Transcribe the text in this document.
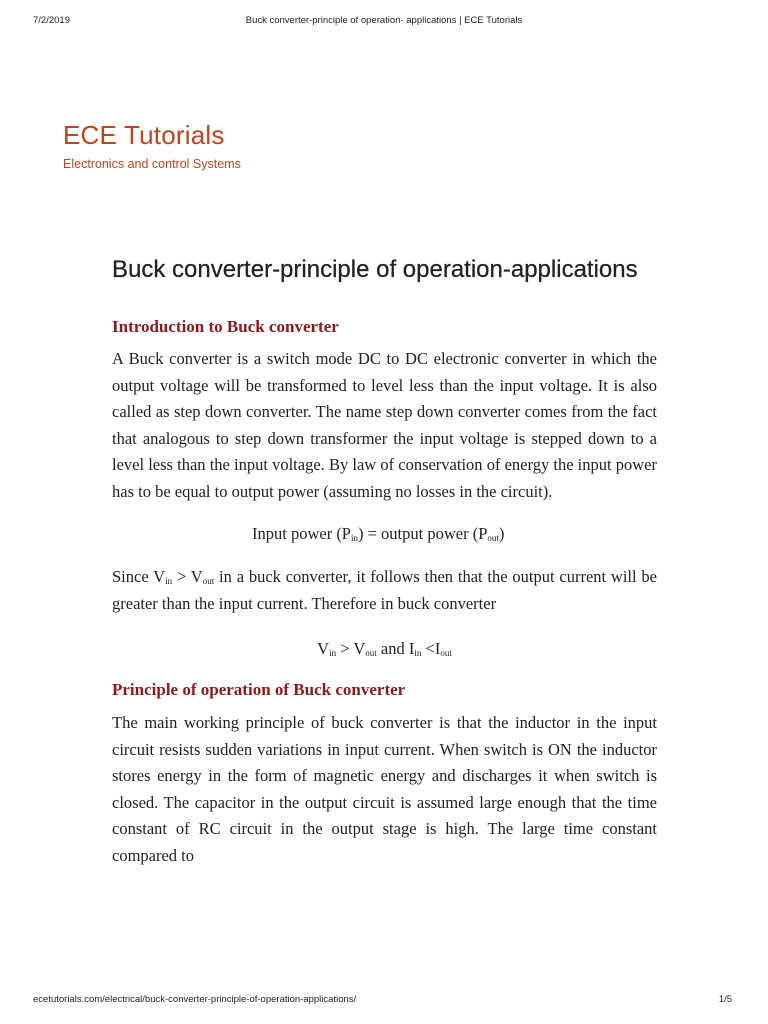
7/2/2019	Buck converter-principle of operation- applications | ECE Tutorials
ECE Tutorials
Electronics and control Systems
Buck converter-principle of operation-applications
Introduction to Buck converter

A Buck converter is a switch mode DC to DC electronic converter in which the output voltage will be transformed to level less than the input voltage. It is also called as step down converter. The name step down converter comes from the fact that analogous to step down transformer the input voltage is stepped down to a level less than the input voltage. By law of conservation of energy the input power has to be equal to output power (assuming no losses in the circuit).

Input power $(P_{in})$ = output power $(P_{out})$

Since $V_{in} > V_{out}$ in a buck converter, it follows then that the output current will be greater than the input current. Therefore in buck converter

$V_{in} > V_{out}$ and $I_{in} <I_{out}$

Principle of operation of Buck converter

The main working principle of buck converter is that the inductor in the input circuit resists sudden variations in input current. When switch is ON the inductor stores energy in the form of magnetic energy and discharges it when switch is closed. The capacitor in the output circuit is assumed large enough that the time constant of RC circuit in the output stage is high. The large time constant compared to

ecetutorials.com/electrical/buck-converter-principle-of-operation-applications/	1/5
